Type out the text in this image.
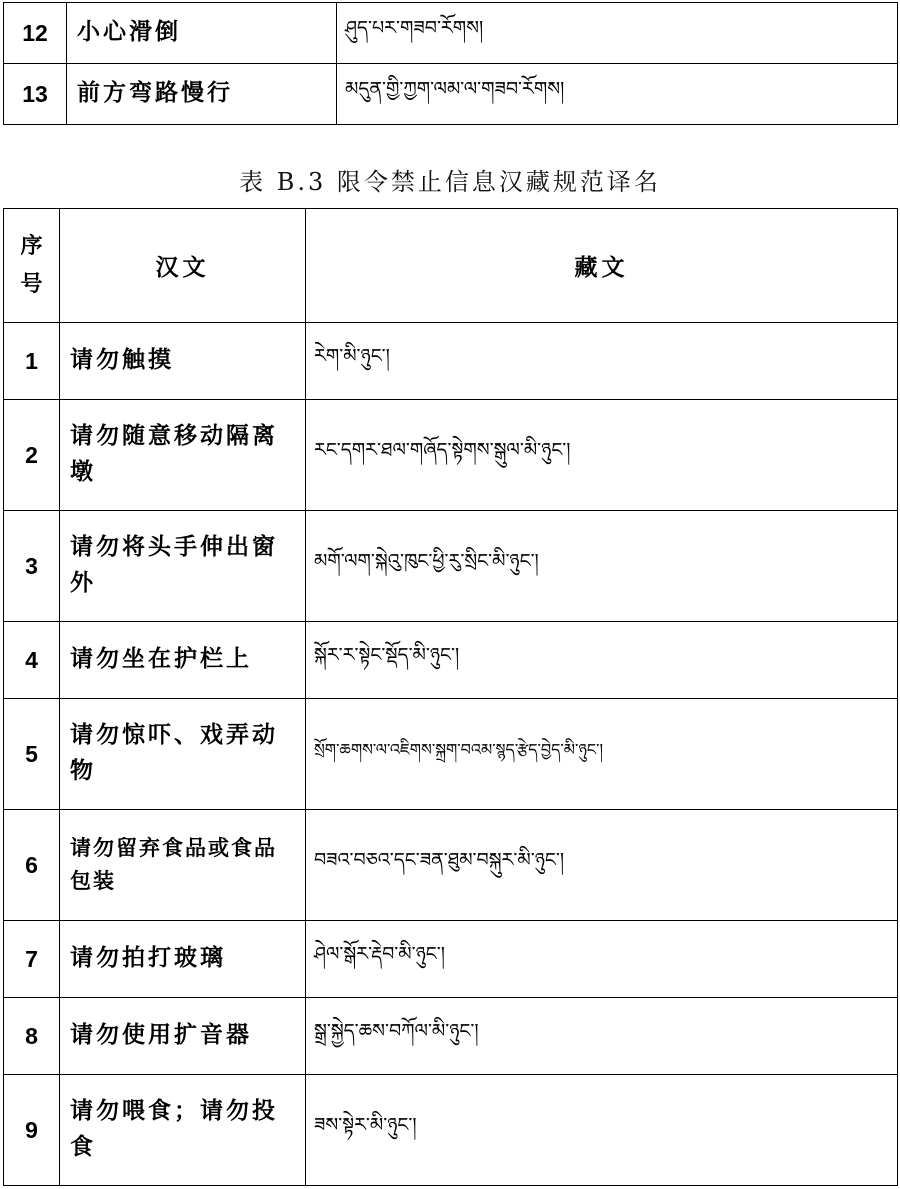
12	小心滑倒	ཤུད་པར་གཟབ་རོགས།
13	前方弯路慢行	མདུན་གྱི་ཀྱག་ལམ་ལ་གཟབ་རོགས།
表 B.3 限令禁止信息汉藏规范译名
序号	汉文	藏文
1	请勿触摸	རེག་མི་ཉུང་།
2	请勿随意移动隔离墩	རང་དགར་ཐལ་གཞོད་སྟེགས་སྒུལ་མི་ཉུང་།
3	请勿将头手伸出窗外	མགོ་ལག་སྐེའུ་ཁུང་ཕྱི་རུ་སྲིང་མི་ཉུང་།
4	请勿坐在护栏上	སྐོར་ར་སྟེང་སྡོད་མི་ཉུང་།
5	请勿惊吓、戏弄动物	སྲོག་ཆགས་ལ་འཇིགས་སྐྲག་བའམ་སྙད་རྩེད་བྱེད་མི་ཉུང་།
6	请勿留弃食品或食品包装	བཟའ་བཅའ་དང་ཟན་ཐུམ་བསྐུར་མི་ཉུང་།
7	请勿拍打玻璃	ཤེལ་སྒོར་རྡེབ་མི་ཉུང་།
8	请勿使用扩音器	སྒྲ་སྐྱེད་ཆས་བཀོལ་མི་ཉུང་།
9	请勿喂食；请勿投食	ཟས་སྟེར་མི་ཉུང་།
